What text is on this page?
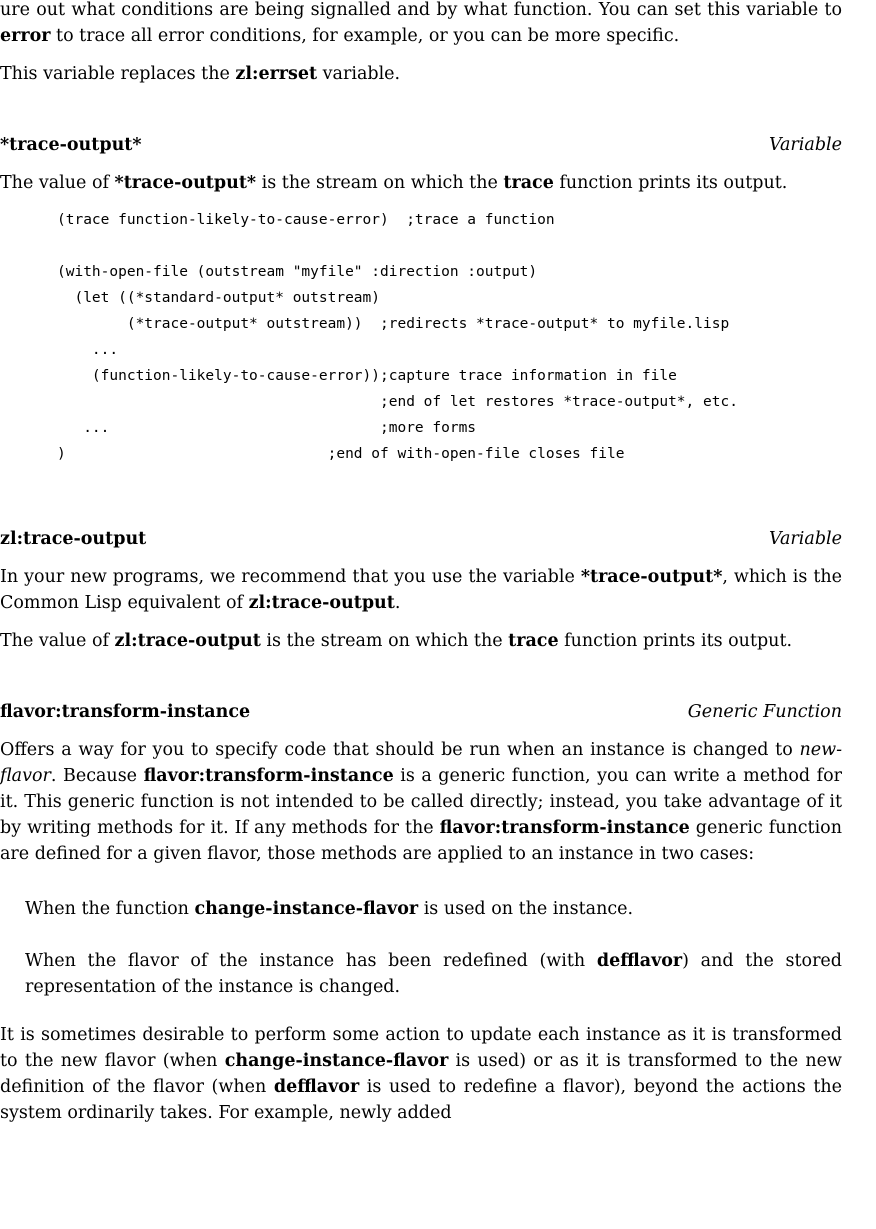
ure out what conditions are being signalled and by what function. You can set this variable to error to trace all error conditions, for example, or you can be more specific.

This variable replaces the zl:errset variable.

*trace-output*	Variable

The value of *trace-output* is the stream on which the trace function prints its output.

(trace function-likely-to-cause-error)  ;trace a function
(with-open-file (outstream "myfile" :direction :output)
(let ((*standard-output* outstream)
(*trace-output* outstream))  ;redirects *trace-output* to myfile.lisp
...
(function-likely-to-cause-error));capture trace information in file
;end of let restores *trace-output*, etc.
...                               ;more forms
)                              ;end of with-open-file closes file
zl:trace-output	Variable

In your new programs, we recommend that you use the variable *trace-output*, which is the Common Lisp equivalent of zl:trace-output.

The value of zl:trace-output is the stream on which the trace function prints its output.

flavor:transform-instance	Generic Function

Offers a way for you to specify code that should be run when an instance is changed to new-flavor. Because flavor:transform-instance is a generic function, you can write a method for it. This generic function is not intended to be called directly; instead, you take advantage of it by writing methods for it. If any methods for the flavor:transform-instance generic function are defined for a given flavor, those methods are applied to an instance in two cases:

When the function change-instance-flavor is used on the instance.

When the flavor of the instance has been redefined (with defflavor) and the stored representation of the instance is changed.

It is sometimes desirable to perform some action to update each instance as it is transformed to the new flavor (when change-instance-flavor is used) or as it is transformed to the new definition of the flavor (when defflavor is used to redefine a flavor), beyond the actions the system ordinarily takes. For example, newly added
